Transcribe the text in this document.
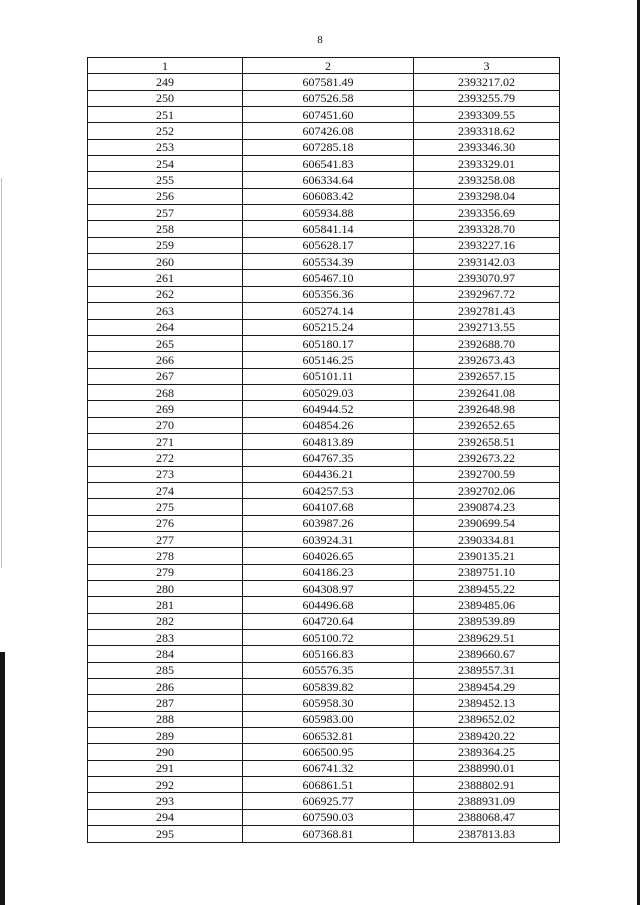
8
1	2	3
249	607581.49	2393217.02
250	607526.58	2393255.79
251	607451.60	2393309.55
252	607426.08	2393318.62
253	607285.18	2393346.30
254	606541.83	2393329.01
255	606334.64	2393258.08
256	606083.42	2393298.04
257	605934.88	2393356.69
258	605841.14	2393328.70
259	605628.17	2393227.16
260	605534.39	2393142.03
261	605467.10	2393070.97
262	605356.36	2392967.72
263	605274.14	2392781.43
264	605215.24	2392713.55
265	605180.17	2392688.70
266	605146.25	2392673.43
267	605101.11	2392657.15
268	605029.03	2392641.08
269	604944.52	2392648.98
270	604854.26	2392652.65
271	604813.89	2392658.51
272	604767.35	2392673.22
273	604436.21	2392700.59
274	604257.53	2392702.06
275	604107.68	2390874.23
276	603987.26	2390699.54
277	603924.31	2390334.81
278	604026.65	2390135.21
279	604186.23	2389751.10
280	604308.97	2389455.22
281	604496.68	2389485.06
282	604720.64	2389539.89
283	605100.72	2389629.51
284	605166.83	2389660.67
285	605576.35	2389557.31
286	605839.82	2389454.29
287	605958.30	2389452.13
288	605983.00	2389652.02
289	606532.81	2389420.22
290	606500.95	2389364.25
291	606741.32	2388990.01
292	606861.51	2388802.91
293	606925.77	2388931.09
294	607590.03	2388068.47
295	607368.81	2387813.83
